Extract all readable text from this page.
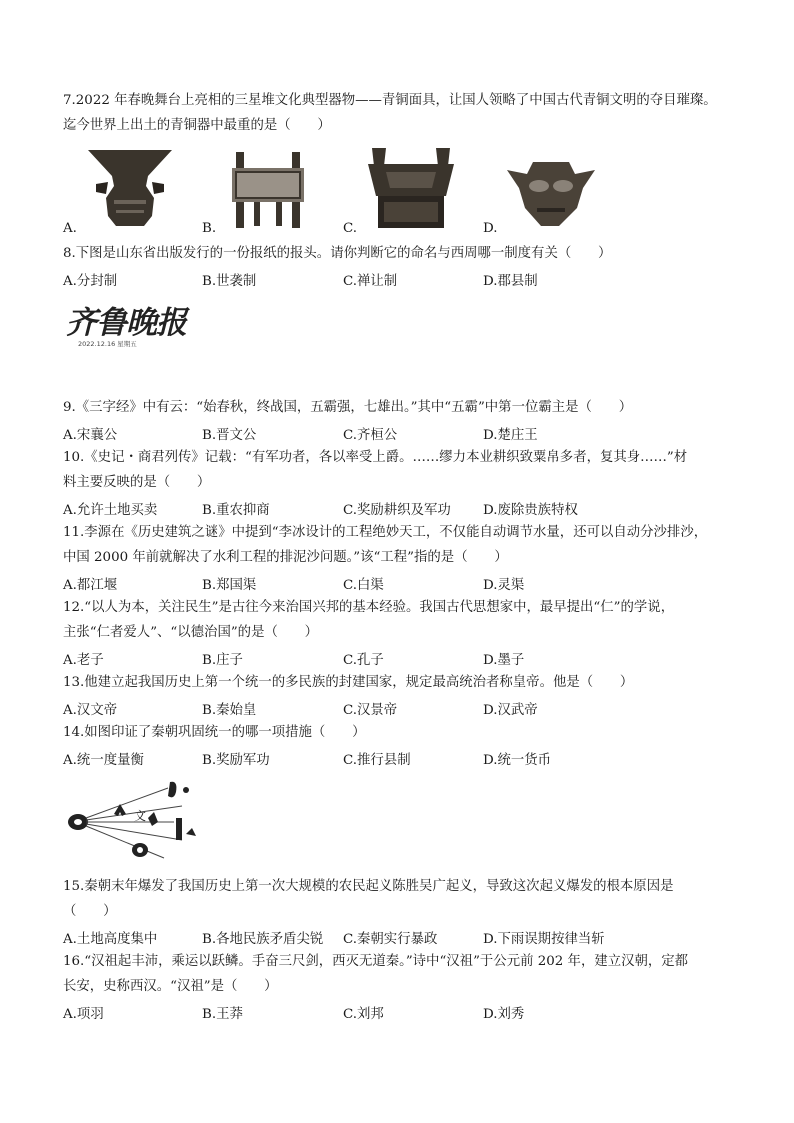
7.2022 年春晚舞台上亮相的三星堆文化典型器物——青铜面具，让国人领略了中国古代青铜文明的夺目璀璨。
迄今世界上出土的青铜器中最重的是（　　）
A.	B.	C.	D.
8.下图是山东省出版发行的一份报纸的报头。请你判断它的命名与西周哪一制度有关（　　）
A.分封制	B.世袭制	C.禅让制	D.郡县制
齐鲁晚报
2022.12.16 星期五
9.《三字经》中有云：“始春秋，终战国，五霸强，七雄出。”其中“五霸”中第一位霸主是（　　）
A.宋襄公	B.晋文公	C.齐桓公	D.楚庄王
10.《史记・商君列传》记载：“有军功者，各以率受上爵。……缪力本业耕织致粟帛多者，复其身……”材
料主要反映的是（　　）
A.允许土地买卖	B.重农抑商	C.奖励耕织及军功 D.废除贵族特权
11.李源在《历史建筑之谜》中提到“李冰设计的工程绝妙天工，不仅能自动调节水量，还可以自动分沙排沙，
中国 2000 年前就解决了水利工程的排泥沙问题。”该“工程”指的是（　　）
A.都江堰	B.郑国渠	C.白渠	D.灵渠
12.“以人为本，关注民生”是古往今来治国兴邦的基本经验。我国古代思想家中，最早提出“仁”的学说，
主张“仁者爱人”、“以德治国”的是（　　）
A.老子	B.庄子	C.孔子	D.墨子
13.他建立起我国历史上第一个统一的多民族的封建国家，规定最高统治者称皇帝。他是（　　）
A.汉文帝	B.秦始皇	C.汉景帝	D.汉武帝
14.如图印证了秦朝巩固统一的哪一项措施（　　）
A.统一度量衡	B.奖励军功	C.推行县制	D.统一货币
文
15.秦朝末年爆发了我国历史上第一次大规模的农民起义陈胜吴广起义，导致这次起义爆发的根本原因是
（　　）
A.土地高度集中	B.各地民族矛盾尖锐 C.秦朝实行暴政	D.下雨误期按律当斩
16.“汉祖起丰沛，乘运以跃鳞。手奋三尺剑，西灭无道秦。”诗中“汉祖”于公元前 202 年，建立汉朝，定都
长安，史称西汉。“汉祖”是（　　）
A.项羽	B.王莽	C.刘邦	D.刘秀
